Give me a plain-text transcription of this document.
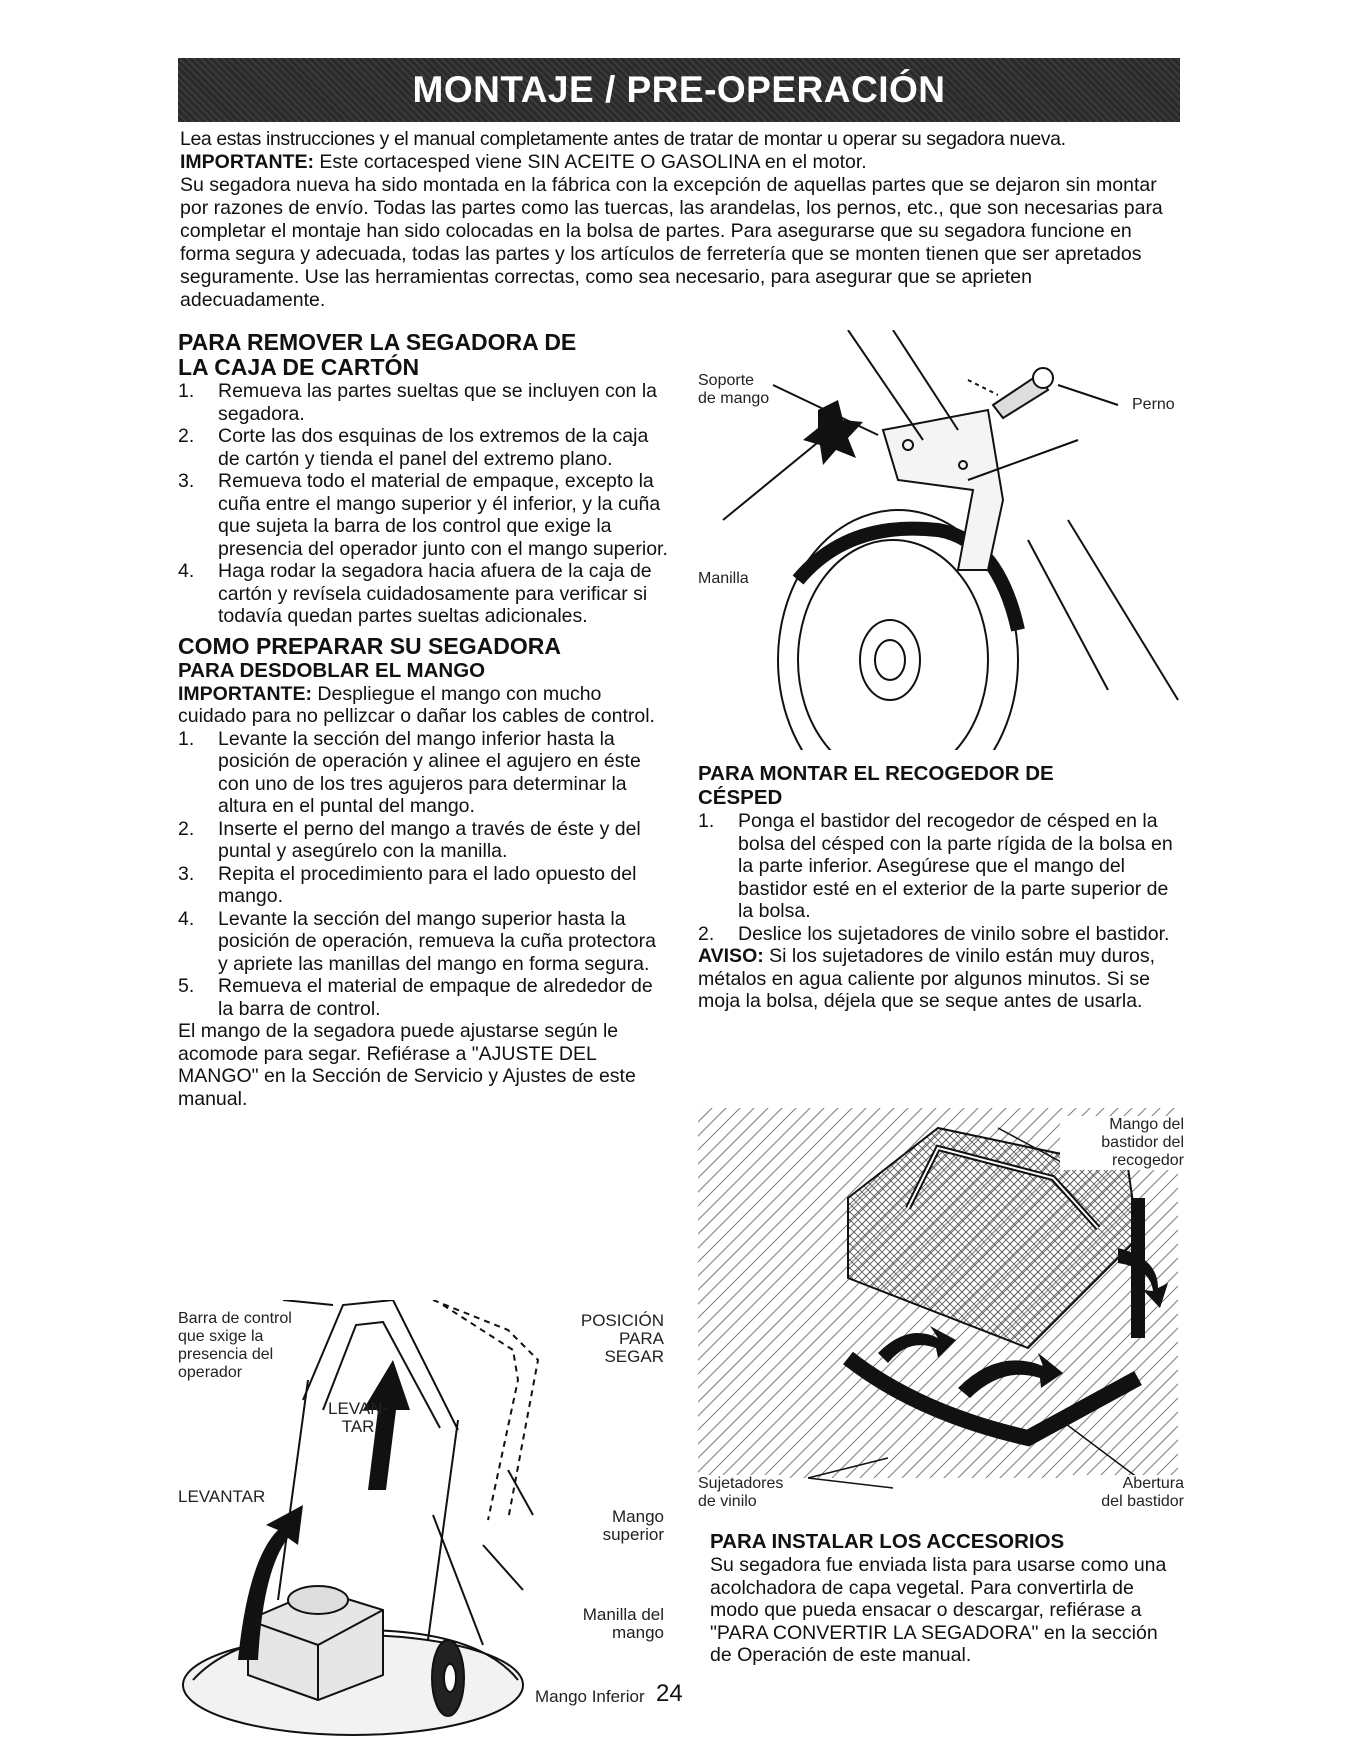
MONTAJE / PRE-OPERACIÓN

Lea estas instrucciones y el manual completamente antes de tratar de montar u operar su segadora nueva.

IMPORTANTE: Este cortacesped viene SIN ACEITE O GASOLINA en el motor.

Su segadora nueva ha sido montada en la fábrica con la excepción de aquellas partes que se dejaron sin montar por razones de envío. Todas las partes como las tuercas, las arandelas, los pernos, etc., que son necesarias para completar el montaje han sido colocadas en la bolsa de partes. Para asegurarse que su segadora funcione en forma segura y adecuada, todas las partes y los artículos de ferretería que se monten tienen que ser apretados seguramente. Use las herramientas correctas, como sea necesario, para asegurar que se aprieten adecuadamente.

PARA REMOVER LA SEGADORA DE

LA CAJA DE CARTÓN

1. Remueva las partes sueltas que se incluyen con la segadora.
2. Corte las dos esquinas de los extremos de la caja de cartón y tienda el panel del extremo plano.
3. Remueva todo el material de empaque, excepto la cuña entre el mango superior y él inferior, y la cuña que sujeta la barra de los control que exige la presencia del operador junto con el mango superior.
4. Haga rodar la segadora hacia afuera de la caja de cartón y revísela cuidadosamente para verificar si todavía quedan partes sueltas adicionales.

COMO PREPARAR SU SEGADORA

PARA DESDOBLAR EL MANGO

IMPORTANTE: Despliegue el mango con mucho cuidado para no pellizcar o dañar los cables de control.

1. Levante la sección del mango inferior hasta la posición de operación y alinee el agujero en éste con uno de los tres agujeros para determinar la altura en el puntal del mango.
2. Inserte el perno del mango a través de éste y del puntal y asegúrelo con la manilla.
3. Repita el procedimiento para el lado opuesto del mango.
4. Levante la sección del mango superior hasta la posición de operación, remueva la cuña protectora y apriete las manillas del mango en forma segura.
5. Remueva el material de empaque de alrededor de la barra de control.

El mango de la segadora puede ajustarse según le acomode para segar. Refiérase a "AJUSTE DEL MANGO" en la Sección de Servicio y Ajustes de este manual.

Barra de control
que sxige la
presencia del
operador
LEVAN-
TAR
LEVANTAR
POSICIÓN
PARA
SEGAR
Mango
superior
Manilla del
mango
Mango Inferior
Soporte
de mango	Perno
Manilla

PARA MONTAR EL RECOGEDOR DE

CÉSPED

1. Ponga el bastidor del recogedor de césped en la bolsa del césped con la parte rígida de la bolsa en la parte inferior. Asegúrese que el mango del bastidor esté en el exterior de la parte superior de la bolsa.
2. Deslice los sujetadores de vinilo sobre el bastidor.

AVISO: Si los sujetadores de vinilo están muy duros, métalos en agua caliente por algunos minutos. Si se moja la bolsa, déjela que se seque antes de usarla.

Mango del
bastidor del
recogedor
Sujetadores
de vinilo
Abertura
del bastidor

PARA INSTALAR LOS ACCESORIOS

Su segadora fue enviada lista para usarse como una acolchadora de capa vegetal. Para convertirla de modo que pueda ensacar o descargar, refiérase a "PARA CONVERTIR LA SEGADORA" en la sección de Operación de este manual.

24
